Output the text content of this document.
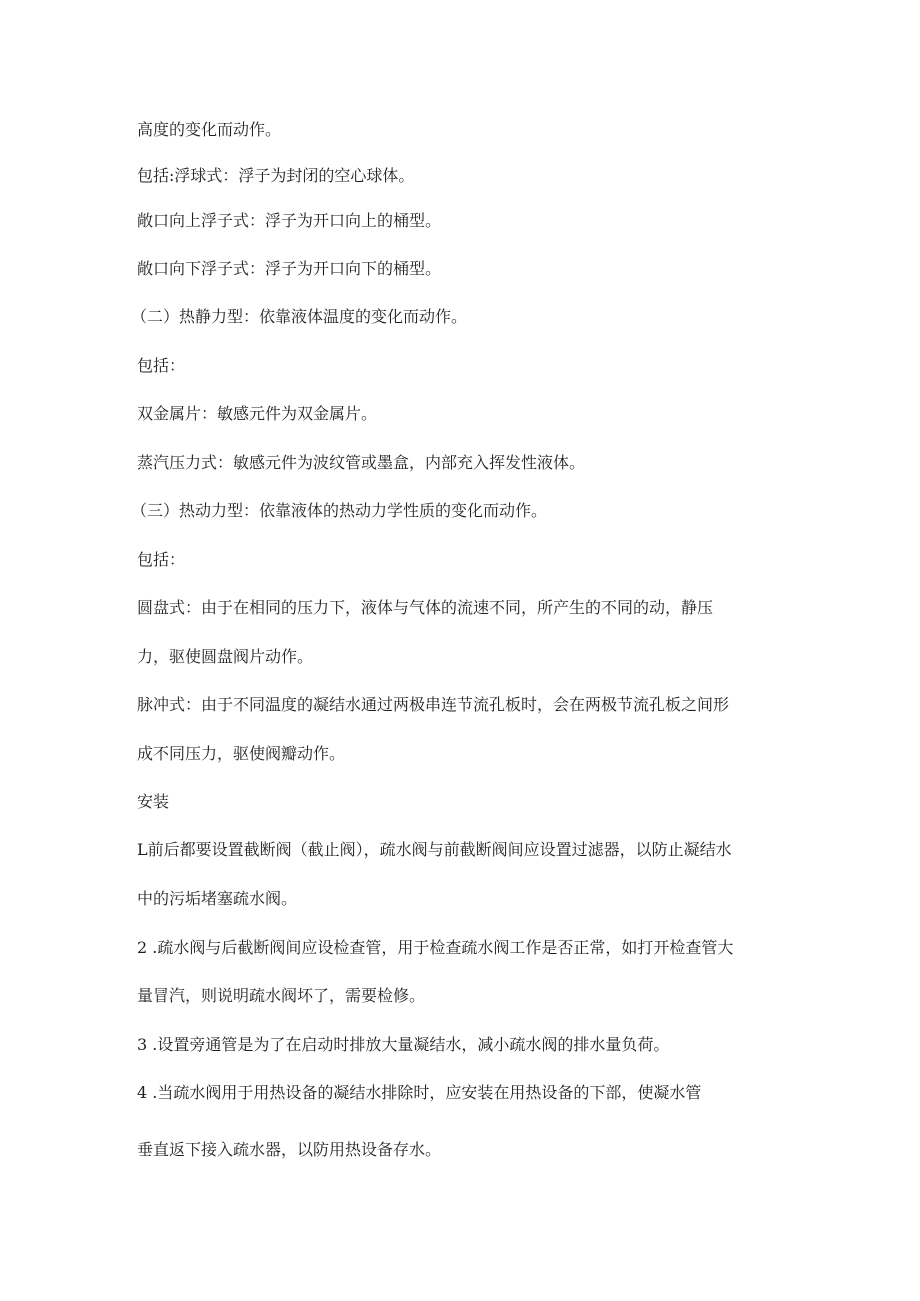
高度的变化而动作。
包括:浮球式：浮子为封闭的空心球体。
敞口向上浮子式：浮子为开口向上的桶型。
敞口向下浮子式：浮子为开口向下的桶型。
（二）热静力型：依靠液体温度的变化而动作。
包括：
双金属片：敏感元件为双金属片。
蒸汽压力式：敏感元件为波纹管或墨盒，内部充入挥发性液体。
（三）热动力型：依靠液体的热动力学性质的变化而动作。
包括：
圆盘式：由于在相同的压力下，液体与气体的流速不同，所产生的不同的动，静压
力，驱使圆盘阀片动作。
脉冲式：由于不同温度的凝结水通过两极串连节流孔板时，会在两极节流孔板之间形
成不同压力，驱使阀瓣动作。
安装
L前后都要设置截断阀（截止阀），疏水阀与前截断阀间应设置过滤器，以防止凝结水
中的污垢堵塞疏水阀。
2 .疏水阀与后截断阀间应设检查管，用于检查疏水阀工作是否正常，如打开检查管大
量冒汽，则说明疏水阀坏了，需要检修。
3 .设置旁通管是为了在启动时排放大量凝结水，减小疏水阀的排水量负荷。
4 .当疏水阀用于用热设备的凝结水排除时，应安装在用热设备的下部，使凝水管
垂直返下接入疏水器，以防用热设备存水。
